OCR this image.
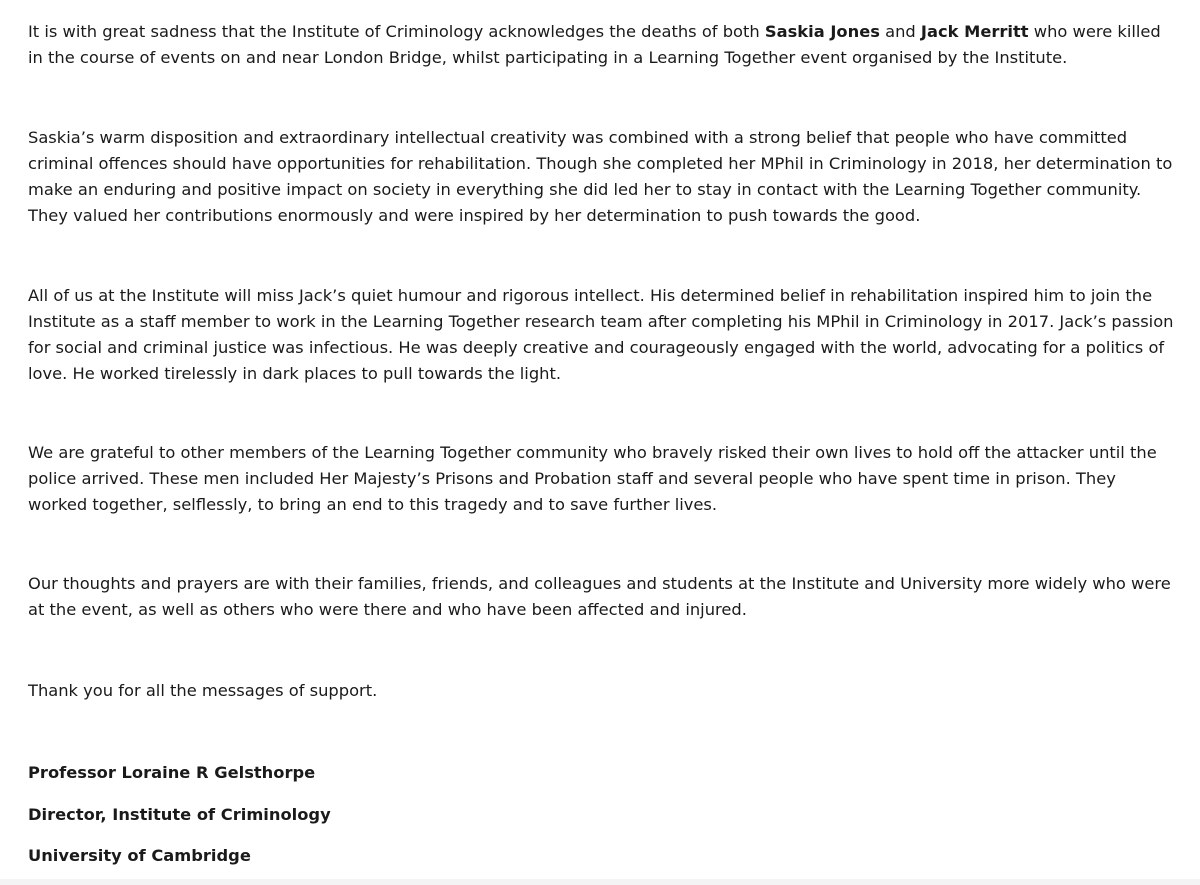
It is with great sadness that the Institute of Criminology acknowledges the deaths of both Saskia Jones and Jack Merritt who were killed in the course of events on and near London Bridge, whilst participating in a Learning Together event organised by the Institute.

Saskia’s warm disposition and extraordinary intellectual creativity was combined with a strong belief that people who have committed criminal offences should have opportunities for rehabilitation. Though she completed her MPhil in Criminology in 2018, her determination to make an enduring and positive impact on society in everything she did led her to stay in contact with the Learning Together community.   They valued her contributions enormously and were inspired by her determination to push towards the good.

All of us at the Institute will miss Jack’s quiet humour and rigorous intellect. His determined belief in rehabilitation inspired him to join the Institute as a staff member to work in the Learning Together research team after completing his MPhil in Criminology in 2017. Jack’s passion for social and criminal justice was infectious. He was deeply creative and courageously engaged with the world, advocating for a politics of love. He worked tirelessly in dark places to pull towards the light.

We are grateful to other members of the Learning Together community who bravely risked their own lives to hold off the attacker until the police arrived. These men included Her Majesty’s Prisons and Probation staff and several people who have spent time in prison. They worked together, selflessly, to bring an end to this tragedy and to save further lives.

Our thoughts and prayers are with their families, friends, and colleagues and students at the Institute and University more widely who were at the event, as well as others who were there and who have been affected and injured.

Thank you for all the messages of support.

Professor Loraine R Gelsthorpe

Director, Institute of Criminology

University of Cambridge
